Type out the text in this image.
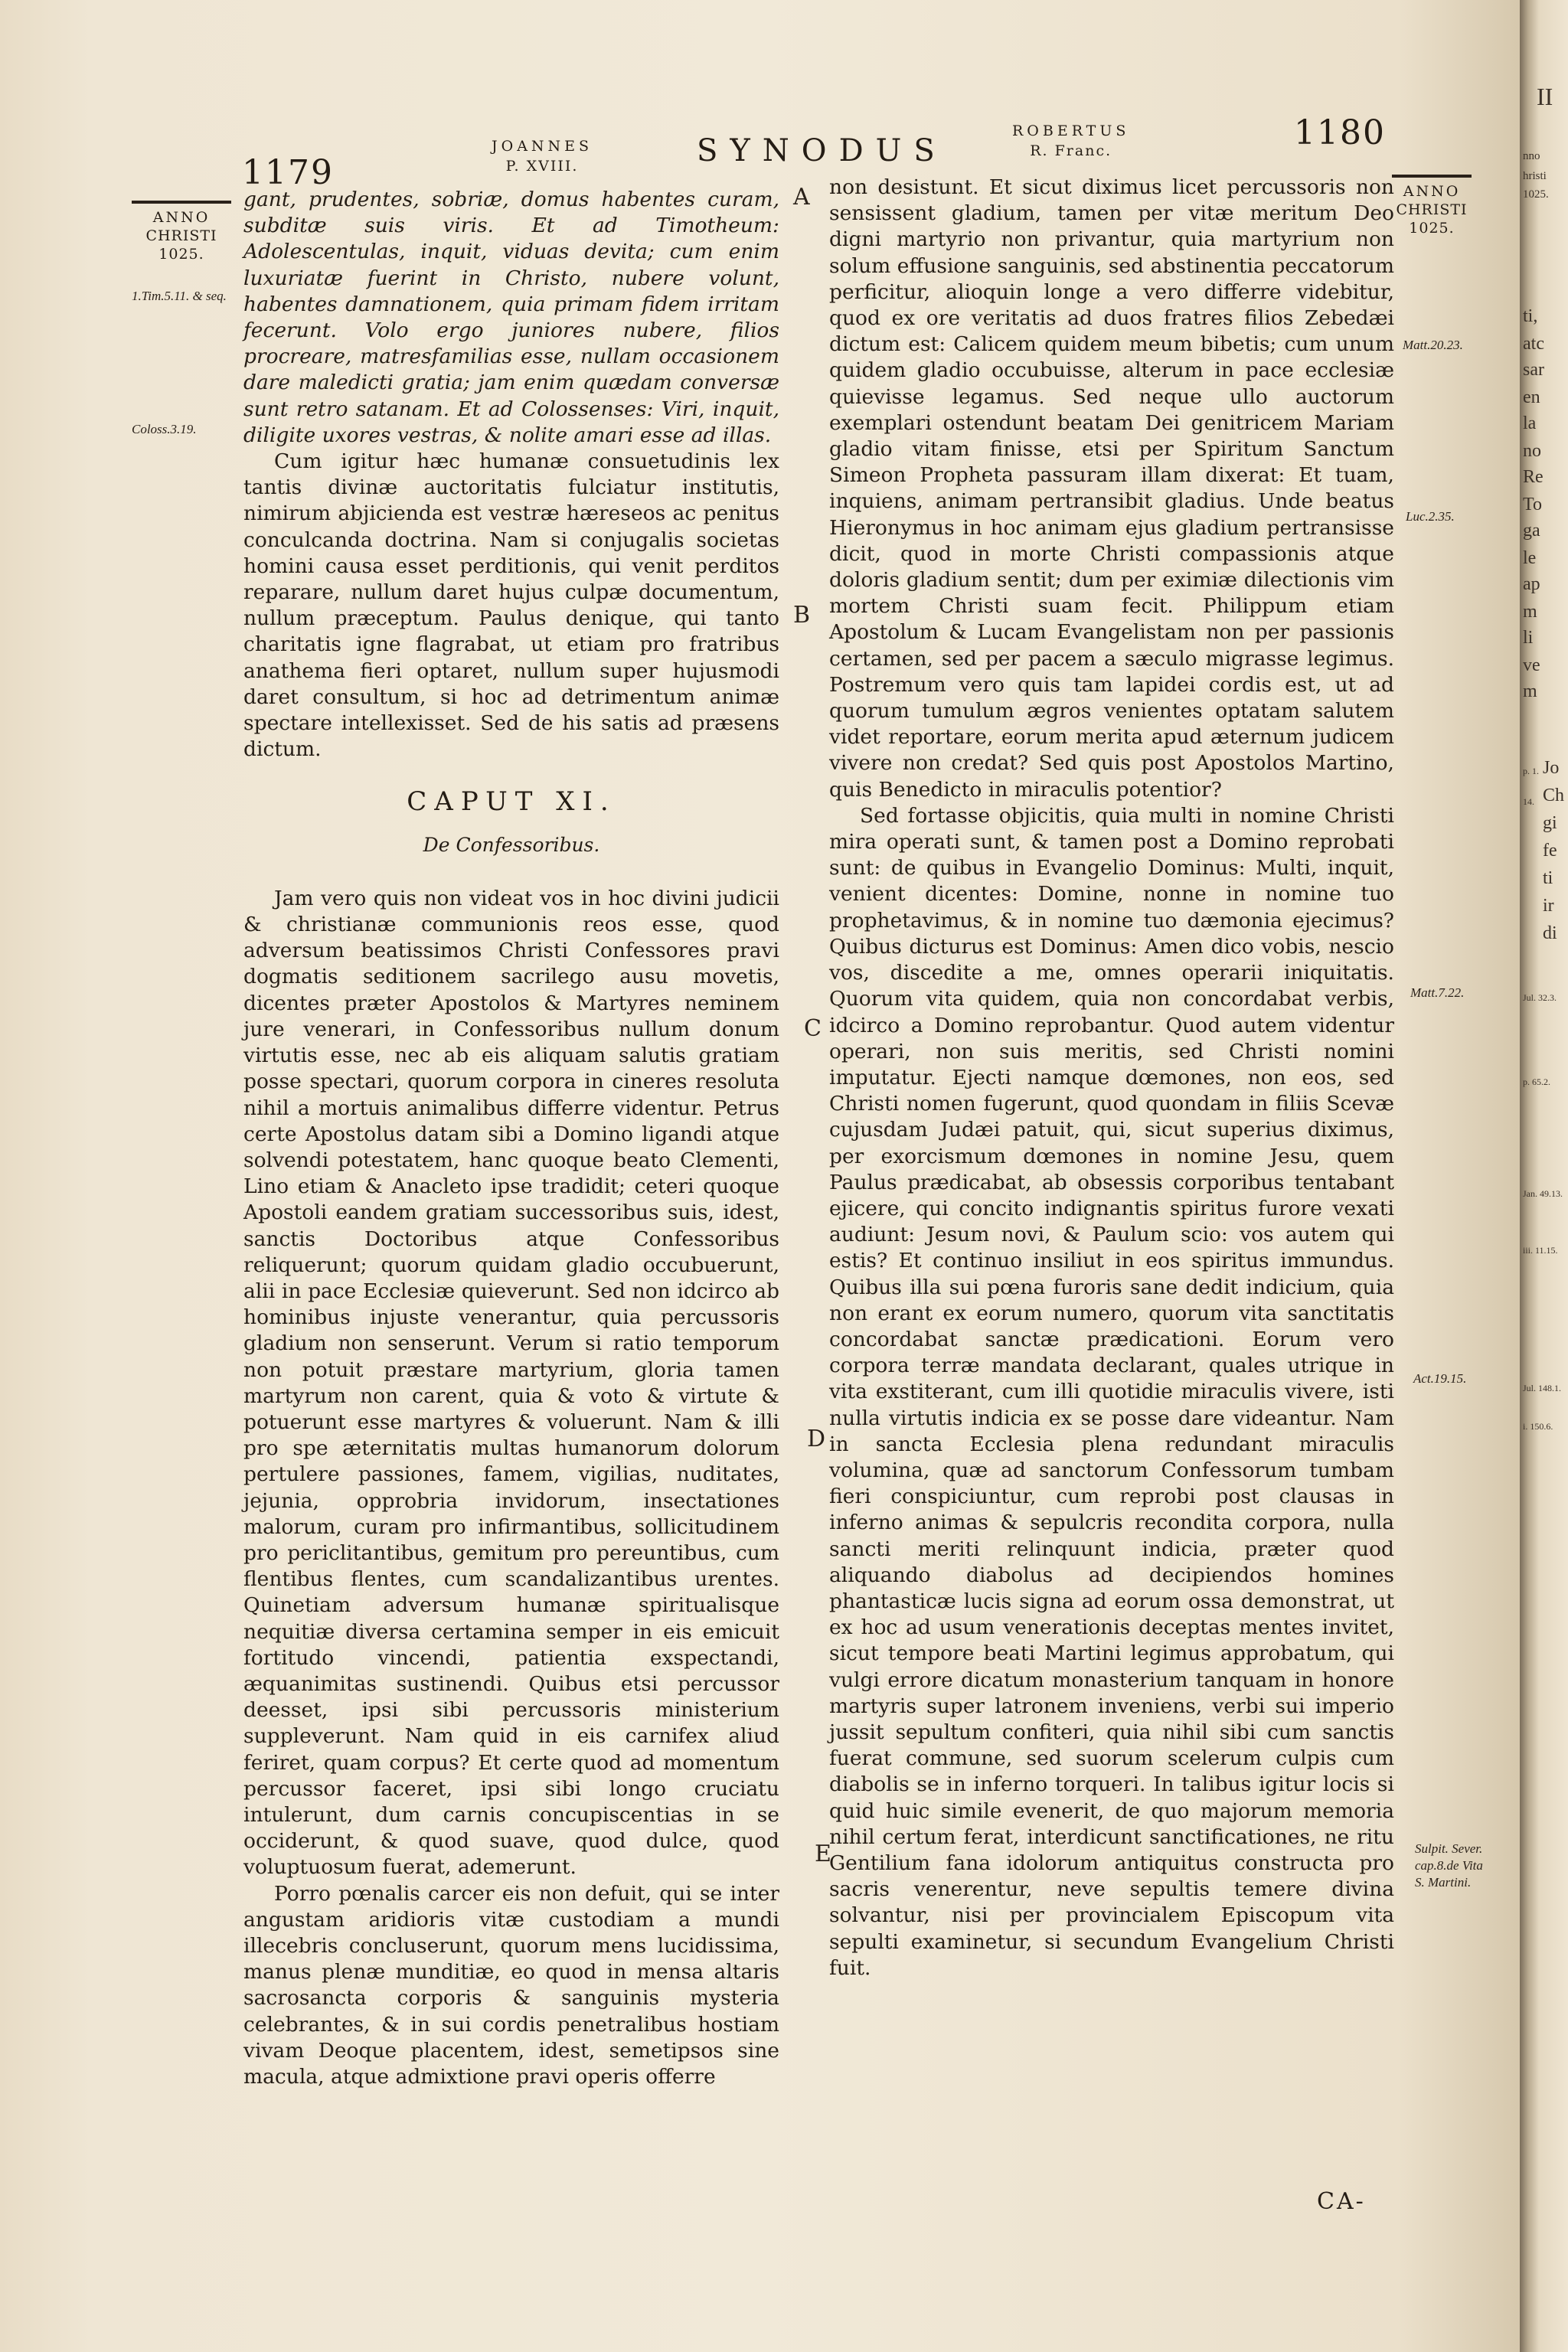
1179
JOANNES
P. XVIII.	SYNODUS
ROBERTUS
R. Franc.	1180
ANNO
CHRISTI
1025.
1.Tim.5.11. & seq.
Coloss.3.19.

gant, prudentes, sobriæ, domus habentes curam, subditæ suis viris. Et ad Timotheum: Adolescentulas, inquit, viduas devita; cum enim luxuriatæ fuerint in Christo, nubere volunt, habentes damnationem, quia primam fidem irritam fecerunt. Volo ergo juniores nubere, filios procreare, matresfamilias esse, nullam occasionem dare maledicti gratia; jam enim quædam conversæ sunt retro satanam. Et ad Colossenses: Viri, inquit, diligite uxores vestras, & nolite amari esse ad illas.

Cum igitur hæc humanæ consuetudinis lex tantis divinæ auctoritatis fulciatur institutis, nimirum abjicienda est vestræ hæreseos ac penitus conculcanda doctrina. Nam si conjugalis societas homini causa esset perditionis, qui venit perditos reparare, nullum daret hujus culpæ documentum, nullum præceptum. Paulus denique, qui tanto charitatis igne flagrabat, ut etiam pro fratribus anathema fieri optaret, nullum super hujusmodi daret consultum, si hoc ad detrimentum animæ spectare intellexisset. Sed de his satis ad præsens dictum.

CAPUT XI.
De Confessoribus.

Jam vero quis non videat vos in hoc divini judicii & christianæ communionis reos esse, quod adversum beatissimos Christi Confessores pravi dogmatis seditionem sacrilego ausu movetis, dicentes præter Apostolos & Martyres neminem jure venerari, in Confessoribus nullum donum virtutis esse, nec ab eis aliquam salutis gratiam posse spectari, quorum corpora in cineres resoluta nihil a mortuis animalibus differre videntur. Petrus certe Apostolus datam sibi a Domino ligandi atque solvendi potestatem, hanc quoque beato Clementi, Lino etiam & Anacleto ipse tradidit; ceteri quoque Apostoli eandem gratiam successoribus suis, idest, sanctis Doctoribus atque Confessoribus reliquerunt; quorum quidam gladio occubuerunt, alii in pace Ecclesiæ quieverunt. Sed non idcirco ab hominibus injuste venerantur, quia percussoris gladium non senserunt. Verum si ratio temporum non potuit præstare martyrium, gloria tamen martyrum non carent, quia & voto & virtute & potuerunt esse martyres & voluerunt. Nam & illi pro spe æternitatis multas humanorum dolorum pertulere passiones, famem, vigilias, nuditates, jejunia, opprobria invidorum, insectationes malorum, curam pro infirmantibus, sollicitudinem pro periclitantibus, gemitum pro pereuntibus, cum flentibus flentes, cum scandalizantibus urentes. Quinetiam adversum humanæ spiritualisque nequitiæ diversa certamina semper in eis emicuit fortitudo vincendi, patientia exspectandi, æquanimitas sustinendi. Quibus etsi percussor deesset, ipsi sibi percussoris ministerium suppleverunt. Nam quid in eis carnifex aliud feriret, quam corpus? Et certe quod ad momentum percussor faceret, ipsi sibi longo cruciatu intulerunt, dum carnis concupiscentias in se occiderunt, & quod suave, quod dulce, quod voluptuosum fuerat, ademerunt.

Porro pœnalis carcer eis non defuit, qui se inter angustam aridioris vitæ custodiam a mundi illecebris concluserunt, quorum mens lucidissima, manus plenæ munditiæ, eo quod in mensa altaris sacrosancta corporis & sanguinis mysteria celebrantes, & in sui cordis penetralibus hostiam vivam Deoque placentem, idest, semetipsos sine macula, atque admixtione pravi operis offerre

A
B
C
D
E

non desistunt. Et sicut diximus licet percussoris non sensissent gladium, tamen per vitæ meritum Deo digni martyrio non privantur, quia martyrium non solum effusione sanguinis, sed abstinentia peccatorum perficitur, alioquin longe a vero differre videbitur, quod ex ore veritatis ad duos fratres filios Zebedæi dictum est: Calicem quidem meum bibetis; cum unum quidem gladio occubuisse, alterum in pace ecclesiæ quievisse legamus. Sed neque ullo auctorum exemplari ostendunt beatam Dei genitricem Mariam gladio vitam finisse, etsi per Spiritum Sanctum Simeon Propheta passuram illam dixerat: Et tuam, inquiens, animam pertransibit gladius. Unde beatus Hieronymus in hoc animam ejus gladium pertransisse dicit, quod in morte Christi compassionis atque doloris gladium sentit; dum per eximiæ dilectionis vim mortem Christi suam fecit. Philippum etiam Apostolum & Lucam Evangelistam non per passionis certamen, sed per pacem a sæculo migrasse legimus. Postremum vero quis tam lapidei cordis est, ut ad quorum tumulum ægros venientes optatam salutem videt reportare, eorum merita apud æternum judicem vivere non credat? Sed quis post Apostolos Martino, quis Benedicto in miraculis potentior?

Sed fortasse objicitis, quia multi in nomine Christi mira operati sunt, & tamen post a Domino reprobati sunt: de quibus in Evangelio Dominus: Multi, inquit, venient dicentes: Domine, nonne in nomine tuo prophetavimus, & in nomine tuo dæmonia ejecimus? Quibus dicturus est Dominus: Amen dico vobis, nescio vos, discedite a me, omnes operarii iniquitatis. Quorum vita quidem, quia non concordabat verbis, idcirco a Domino reprobantur. Quod autem videntur operari, non suis meritis, sed Christi nomini imputatur. Ejecti namque dœmones, non eos, sed Christi nomen fugerunt, quod quondam in filiis Scevæ cujusdam Judæi patuit, qui, sicut superius diximus, per exorcismum dœmones in nomine Jesu, quem Paulus prædicabat, ab obsessis corporibus tentabant ejicere, qui concito indignantis spiritus furore vexati audiunt: Jesum novi, & Paulum scio: vos autem qui estis? Et continuo insiliut in eos spiritus immundus. Quibus illa sui pœna furoris sane dedit indicium, quia non erant ex eorum numero, quorum vita sanctitatis concordabat sanctæ prædicationi. Eorum vero corpora terræ mandata declarant, quales utrique in vita exstiterant, cum illi quotidie miraculis vivere, isti nulla virtutis indicia ex se posse dare videantur. Nam in sancta Ecclesia plena redundant miraculis volumina, quæ ad sanctorum Confessorum tumbam fieri conspiciuntur, cum reprobi post clausas in inferno animas & sepulcris recondita corpora, nulla sancti meriti relinquunt indicia, præter quod aliquando diabolus ad decipiendos homines phantasticæ lucis signa ad eorum ossa demonstrat, ut ex hoc ad usum venerationis deceptas mentes invitet, sicut tempore beati Martini legimus approbatum, qui vulgi errore dicatum monasterium tanquam in honore martyris super latronem inveniens, verbi sui imperio jussit sepultum confiteri, quia nihil sibi cum sanctis fuerat commune, sed suorum scelerum culpis cum diabolis se in inferno torqueri. In talibus igitur locis si quid huic simile evenerit, de quo majorum memoria nihil certum ferat, interdicunt sanctificationes, ne ritu Gentilium fana idolorum antiquitus constructa pro sacris venerentur, neve sepultis temere divina solvantur, nisi per provincialem Episcopum vita sepulti examinetur, si secundum Evangelium Christi fuit.

ANNO
CHRISTI
1025.
Matt.20.23.
Luc.2.35.
Matt.7.22.
Act.19.15.
Sulpit. Sever. cap.8.de Vita S. Martini.
CA-
II
nno
hristi
1025.
ti,
atc
sar
en
la
no
Re
To
ga
le
ap
m
li
ve
m
Jo
Ch
gi
fe
ti
ir
di
p. 1.
14.
Jul. 32.3.
p. 65.2.
Jan. 49.13.
iii. 11.15.
Jul. 148.1.
i. 150.6.
